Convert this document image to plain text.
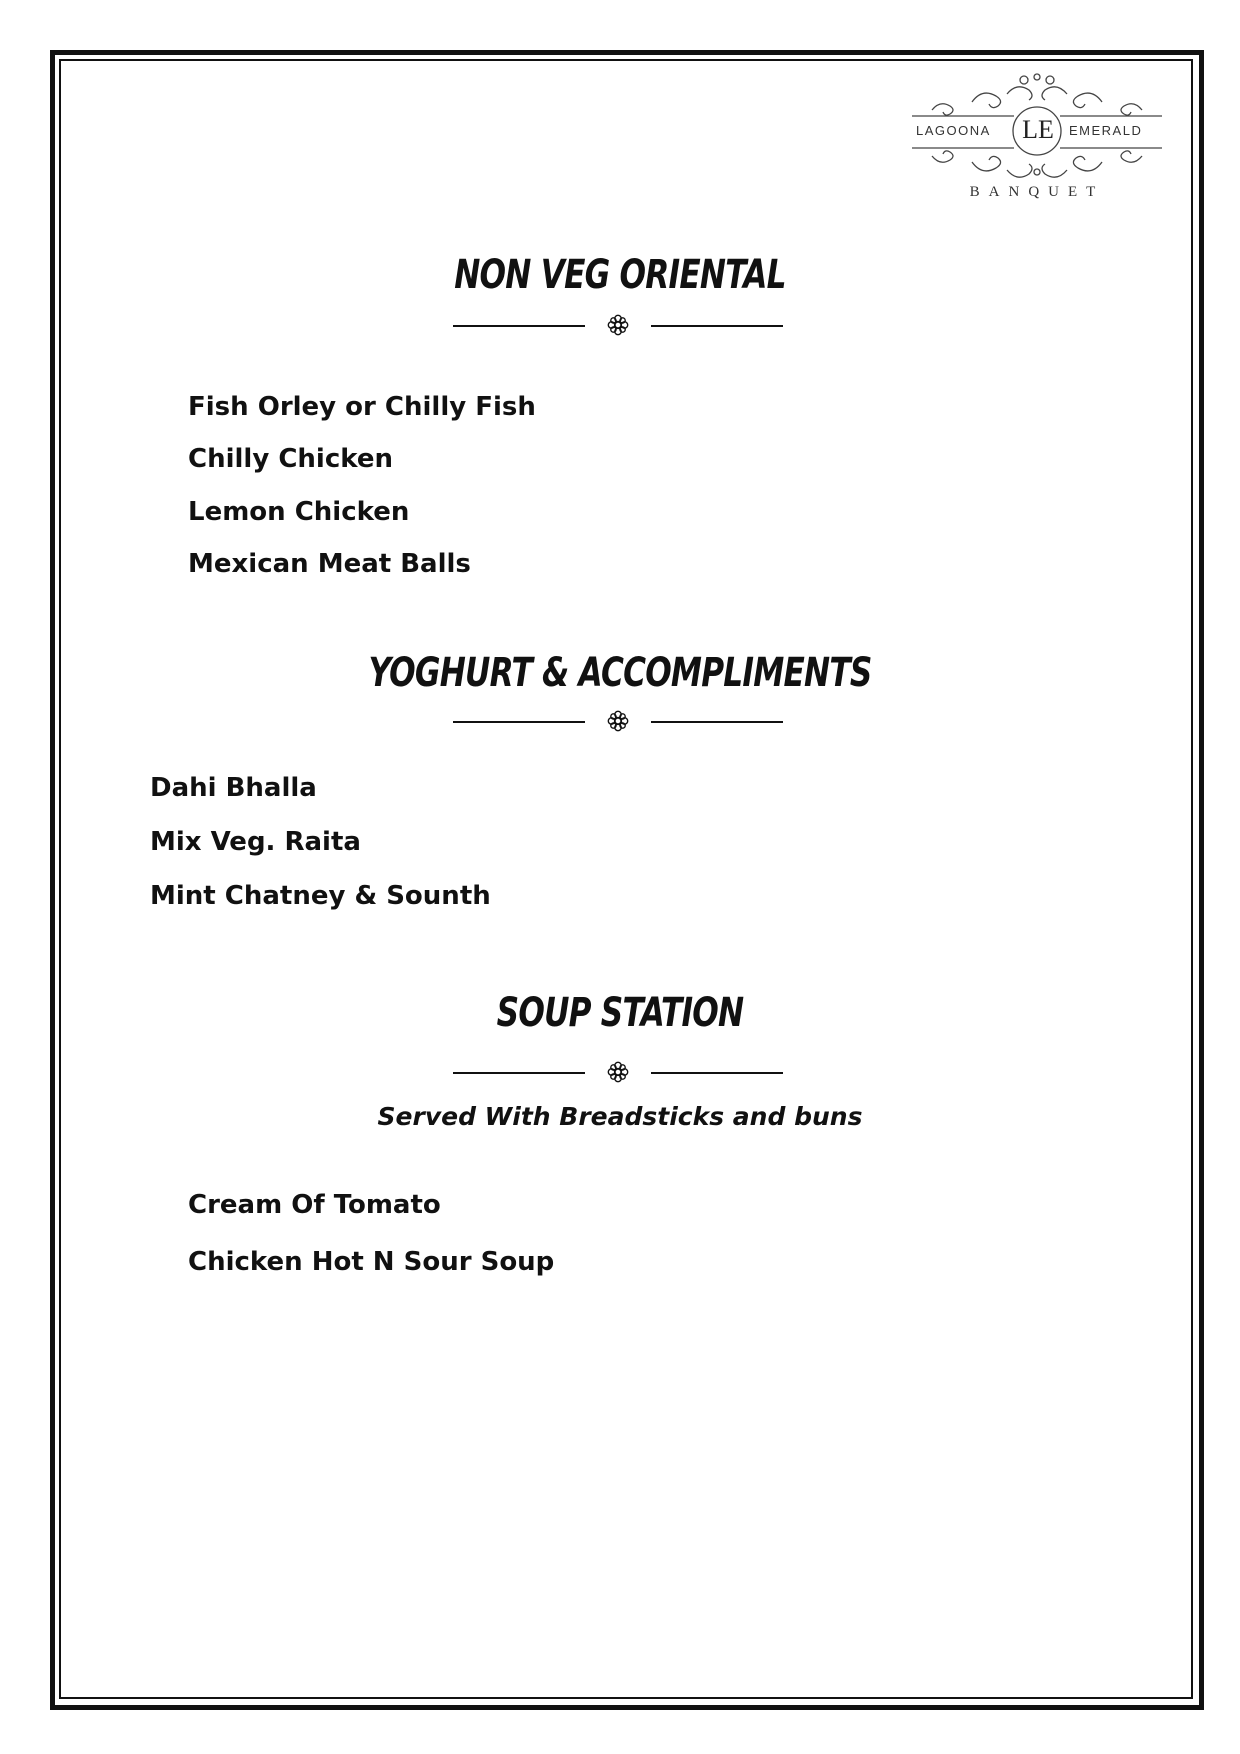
LAGOONA LE EMERALD
BANQUET
NON VEG ORIENTAL
Fish Orley or Chilly Fish
Chilly Chicken
Lemon Chicken
Mexican Meat Balls
YOGHURT & ACCOMPLIMENTS
Dahi Bhalla
Mix Veg. Raita
Mint Chatney & Sounth
SOUP STATION
Served With Breadsticks and buns
Cream Of Tomato
Chicken Hot N Sour Soup
